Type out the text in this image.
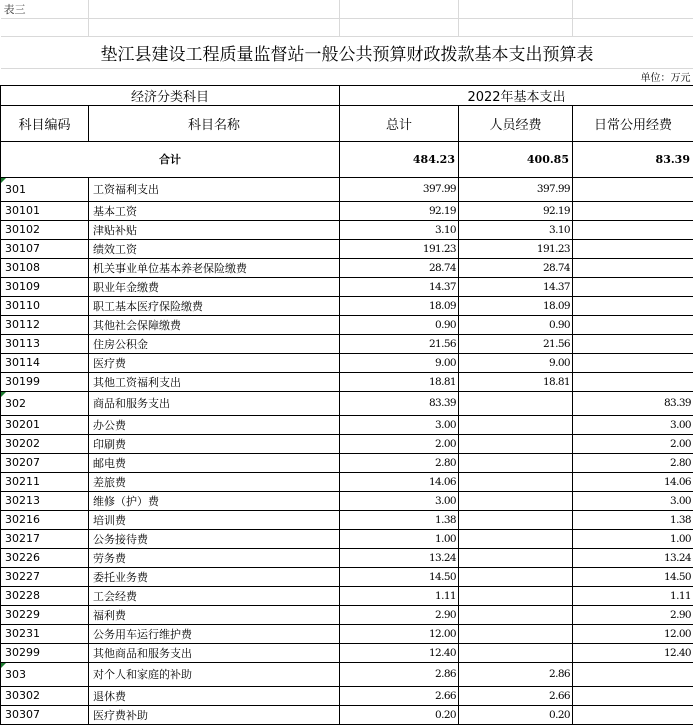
表三				

垫江县建设工程质量监督站一般公共预算财政拨款基本支出预算表				
单位：万元				
经济分类科目		2022年基本支出		
科目编码	科目名称	总计	人员经费	日常公用经费
合计		484.23	400.85	83.39
301	工资福利支出	397.99	397.99	
30101	基本工资	92.19	92.19	
30102	津贴补贴	3.10	3.10	
30107	绩效工资	191.23	191.23	
30108	机关事业单位基本养老保险缴费	28.74	28.74	
30109	职业年金缴费	14.37	14.37	
30110	职工基本医疗保险缴费	18.09	18.09	
30112	其他社会保障缴费	0.90	0.90	
30113	住房公积金	21.56	21.56	
30114	医疗费	9.00	9.00	
30199	其他工资福利支出	18.81	18.81	
302	商品和服务支出	83.39		83.39
30201	办公费	3.00		3.00
30202	印刷费	2.00		2.00
30207	邮电费	2.80		2.80
30211	差旅费	14.06		14.06
30213	维修（护）费	3.00		3.00
30216	培训费	1.38		1.38
30217	公务接待费	1.00		1.00
30226	劳务费	13.24		13.24
30227	委托业务费	14.50		14.50
30228	工会经费	1.11		1.11
30229	福利费	2.90		2.90
30231	公务用车运行维护费	12.00		12.00
30299	其他商品和服务支出	12.40		12.40
303	对个人和家庭的补助	2.86	2.86	
30302	退休费	2.66	2.66	
30307	医疗费补助	0.20	0.20	
